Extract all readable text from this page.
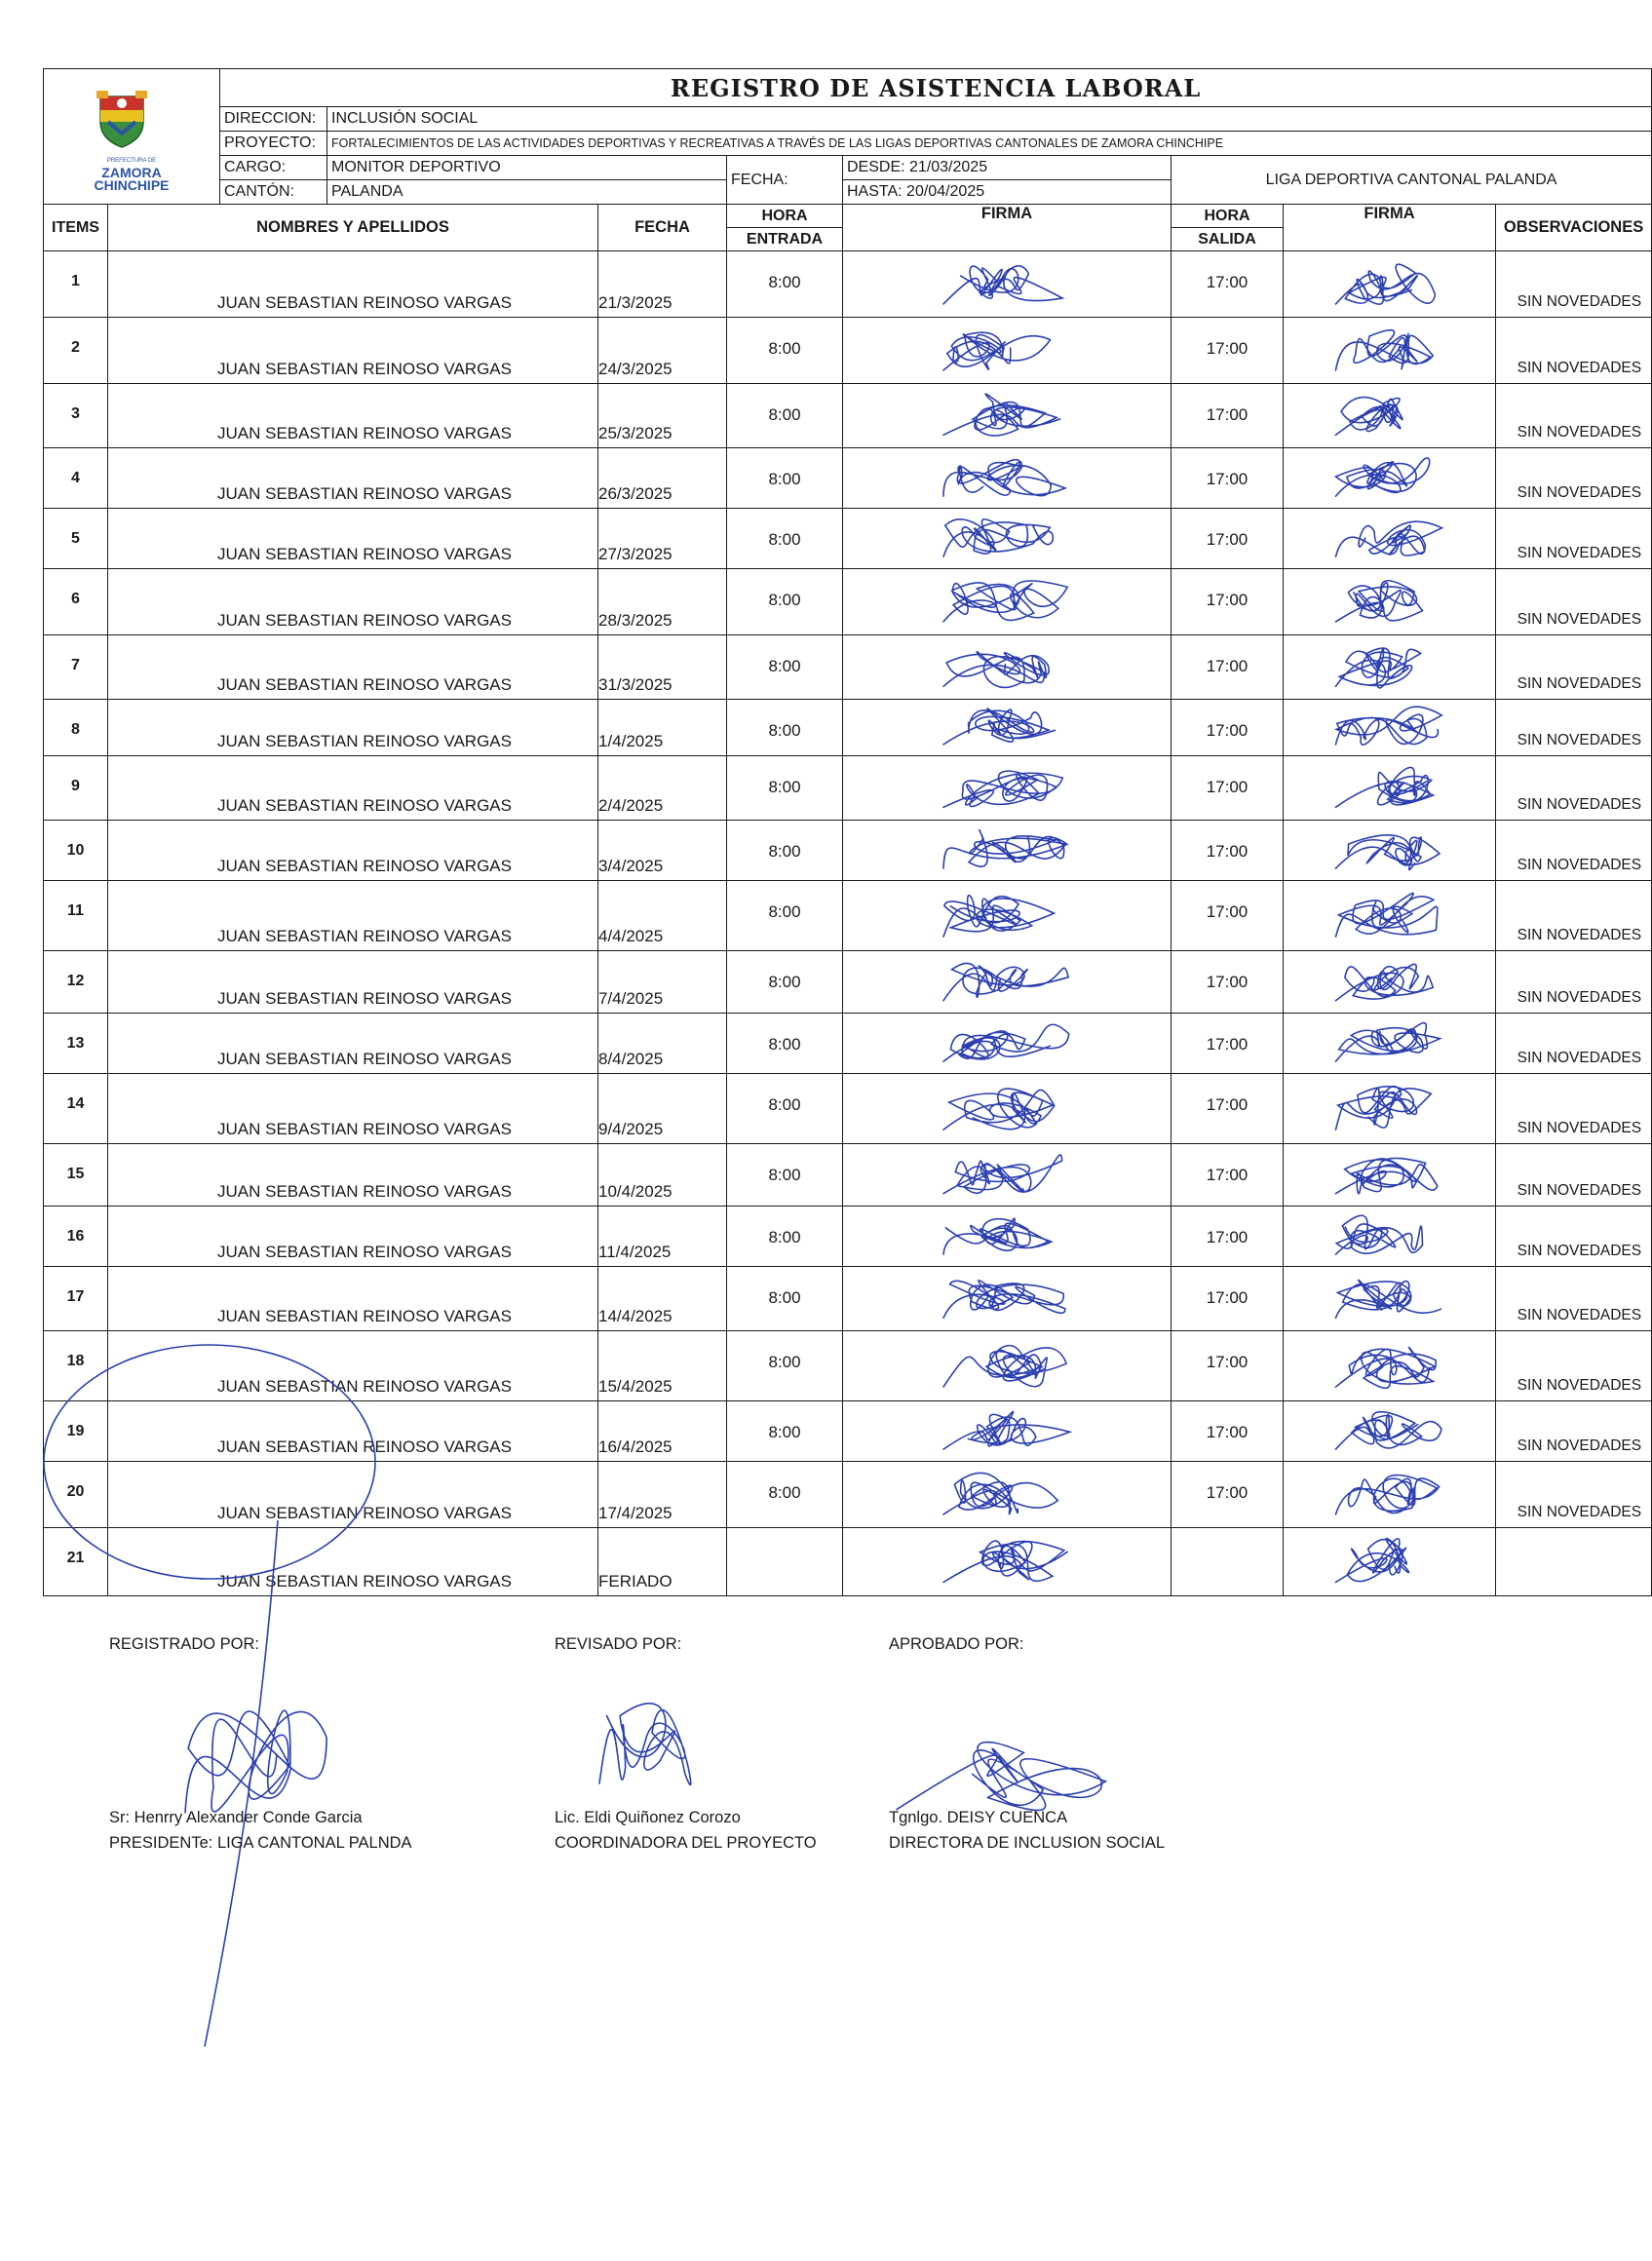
PREFECTURA DE
ZAMORA
CHINCHIPE		REGISTRO DE ASISTENCIA LABORAL							
		DIRECCION:	INCLUSIÓN SOCIAL						
		PROYECTO:	FORTALECIMIENTOS DE LAS ACTIVIDADES DEPORTIVAS Y RECREATIVAS A TRAVÉS DE LAS LIGAS DEPORTIVAS CANTONALES DE ZAMORA CHINCHIPE						
		CARGO:	MONITOR DEPORTIVO		FECHA:	DESDE: 21/03/2025	LIGA DEPORTIVA CANTONAL PALANDA		
		CANTÓN:	PALANDA			HASTA: 20/04/2025			
ITEMS	NOMBRES Y APELLIDOS			FECHA	HORA	FIRMA	HORA	FIRMA	OBSERVACIONES
					ENTRADA		SALIDA		
1	JUAN SEBASTIAN REINOSO VARGAS			21/3/2025	8:00		17:00		SIN NOVEDADES
2	JUAN SEBASTIAN REINOSO VARGAS			24/3/2025	8:00		17:00		SIN NOVEDADES
3	JUAN SEBASTIAN REINOSO VARGAS			25/3/2025	8:00		17:00		SIN NOVEDADES
4	JUAN SEBASTIAN REINOSO VARGAS			26/3/2025	8:00		17:00		SIN NOVEDADES
5	JUAN SEBASTIAN REINOSO VARGAS			27/3/2025	8:00		17:00		SIN NOVEDADES
6	JUAN SEBASTIAN REINOSO VARGAS			28/3/2025	8:00		17:00		SIN NOVEDADES
7	JUAN SEBASTIAN REINOSO VARGAS			31/3/2025	8:00		17:00		SIN NOVEDADES
8	JUAN SEBASTIAN REINOSO VARGAS			1/4/2025	8:00		17:00		SIN NOVEDADES
9	JUAN SEBASTIAN REINOSO VARGAS			2/4/2025	8:00		17:00		SIN NOVEDADES
10	JUAN SEBASTIAN REINOSO VARGAS			3/4/2025	8:00		17:00		SIN NOVEDADES
11	JUAN SEBASTIAN REINOSO VARGAS			4/4/2025	8:00		17:00		SIN NOVEDADES
12	JUAN SEBASTIAN REINOSO VARGAS			7/4/2025	8:00		17:00		SIN NOVEDADES
13	JUAN SEBASTIAN REINOSO VARGAS			8/4/2025	8:00		17:00		SIN NOVEDADES
14	JUAN SEBASTIAN REINOSO VARGAS			9/4/2025	8:00		17:00		SIN NOVEDADES
15	JUAN SEBASTIAN REINOSO VARGAS			10/4/2025	8:00		17:00		SIN NOVEDADES
16	JUAN SEBASTIAN REINOSO VARGAS			11/4/2025	8:00		17:00		SIN NOVEDADES
17	JUAN SEBASTIAN REINOSO VARGAS			14/4/2025	8:00		17:00		SIN NOVEDADES
18	JUAN SEBASTIAN REINOSO VARGAS			15/4/2025	8:00		17:00		SIN NOVEDADES
19	JUAN SEBASTIAN REINOSO VARGAS			16/4/2025	8:00		17:00		SIN NOVEDADES
20	JUAN SEBASTIAN REINOSO VARGAS			17/4/2025	8:00		17:00		SIN NOVEDADES
21	JUAN SEBASTIAN REINOSO VARGAS			FERIADO					
REGISTRADO POR:
Sr: Henrry Alexander Conde Garcia
PRESIDENTe: LIGA CANTONAL PALNDA
REVISADO POR:
Lic. Eldi Quiñonez Corozo
COORDINADORA DEL PROYECTO
APROBADO POR:
Tgnlgo. DEISY CUENCA
DIRECTORA DE INCLUSION SOCIAL
